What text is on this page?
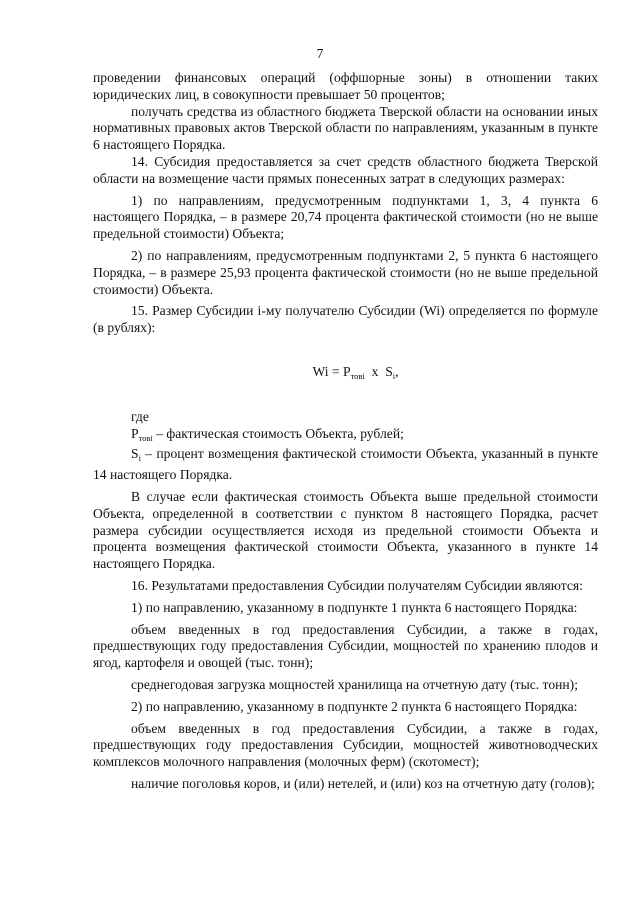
7

проведении финансовых операций (оффшорные зоны) в отношении таких юридических лиц, в совокупности превышает 50 процентов;

получать средства из областного бюджета Тверской области на основании иных нормативных правовых актов Тверской области по направлениям, указанным в пункте 6 настоящего Порядка.

14. Субсидия предоставляется за счет средств областного бюджета Тверской области на возмещение части прямых понесенных затрат в следующих размерах:

1) по направлениям, предусмотренным подпунктами 1, 3, 4 пункта 6 настоящего Порядка, – в размере 20,74 процента фактической стоимости (но не выше предельной стоимости) Объекта;

2) по направлениям, предусмотренным подпунктами 2, 5 пункта 6 настоящего Порядка, – в размере 25,93 процента фактической стоимости (но не выше предельной стоимости) Объекта.

15. Размер Субсидии i-му получателю Субсидии (Wi) определяется по формуле (в рублях):

$Wi = P_{тові}$  x  $S_i$,

где

$P_{тові}$ – фактическая стоимость Объекта, рублей;

$S_i$ – процент возмещения фактической стоимости Объекта, указанный в пункте 14 настоящего Порядка.

В случае если фактическая стоимость Объекта выше предельной стоимости Объекта, определенной в соответствии с пунктом 8 настоящего Порядка, расчет размера субсидии осуществляется исходя из предельной стоимости Объекта и процента возмещения фактической стоимости Объекта, указанного в пункте 14 настоящего Порядка.

16. Результатами предоставления Субсидии получателям Субсидии являются:

1) по направлению, указанному в подпункте 1 пункта 6 настоящего Порядка:

объем введенных в год предоставления Субсидии, а также в годах, предшествующих году предоставления Субсидии, мощностей по хранению плодов и ягод, картофеля и овощей (тыс. тонн);

среднегодовая загрузка мощностей хранилища на отчетную дату (тыс. тонн);

2) по направлению, указанному в подпункте 2 пункта 6 настоящего Порядка:

объем введенных в год предоставления Субсидии, а также в годах, предшествующих году предоставления Субсидии, мощностей животноводческих комплексов молочного направления (молочных ферм) (скотомест);

наличие поголовья коров, и (или) нетелей, и (или) коз на отчетную дату (голов);
